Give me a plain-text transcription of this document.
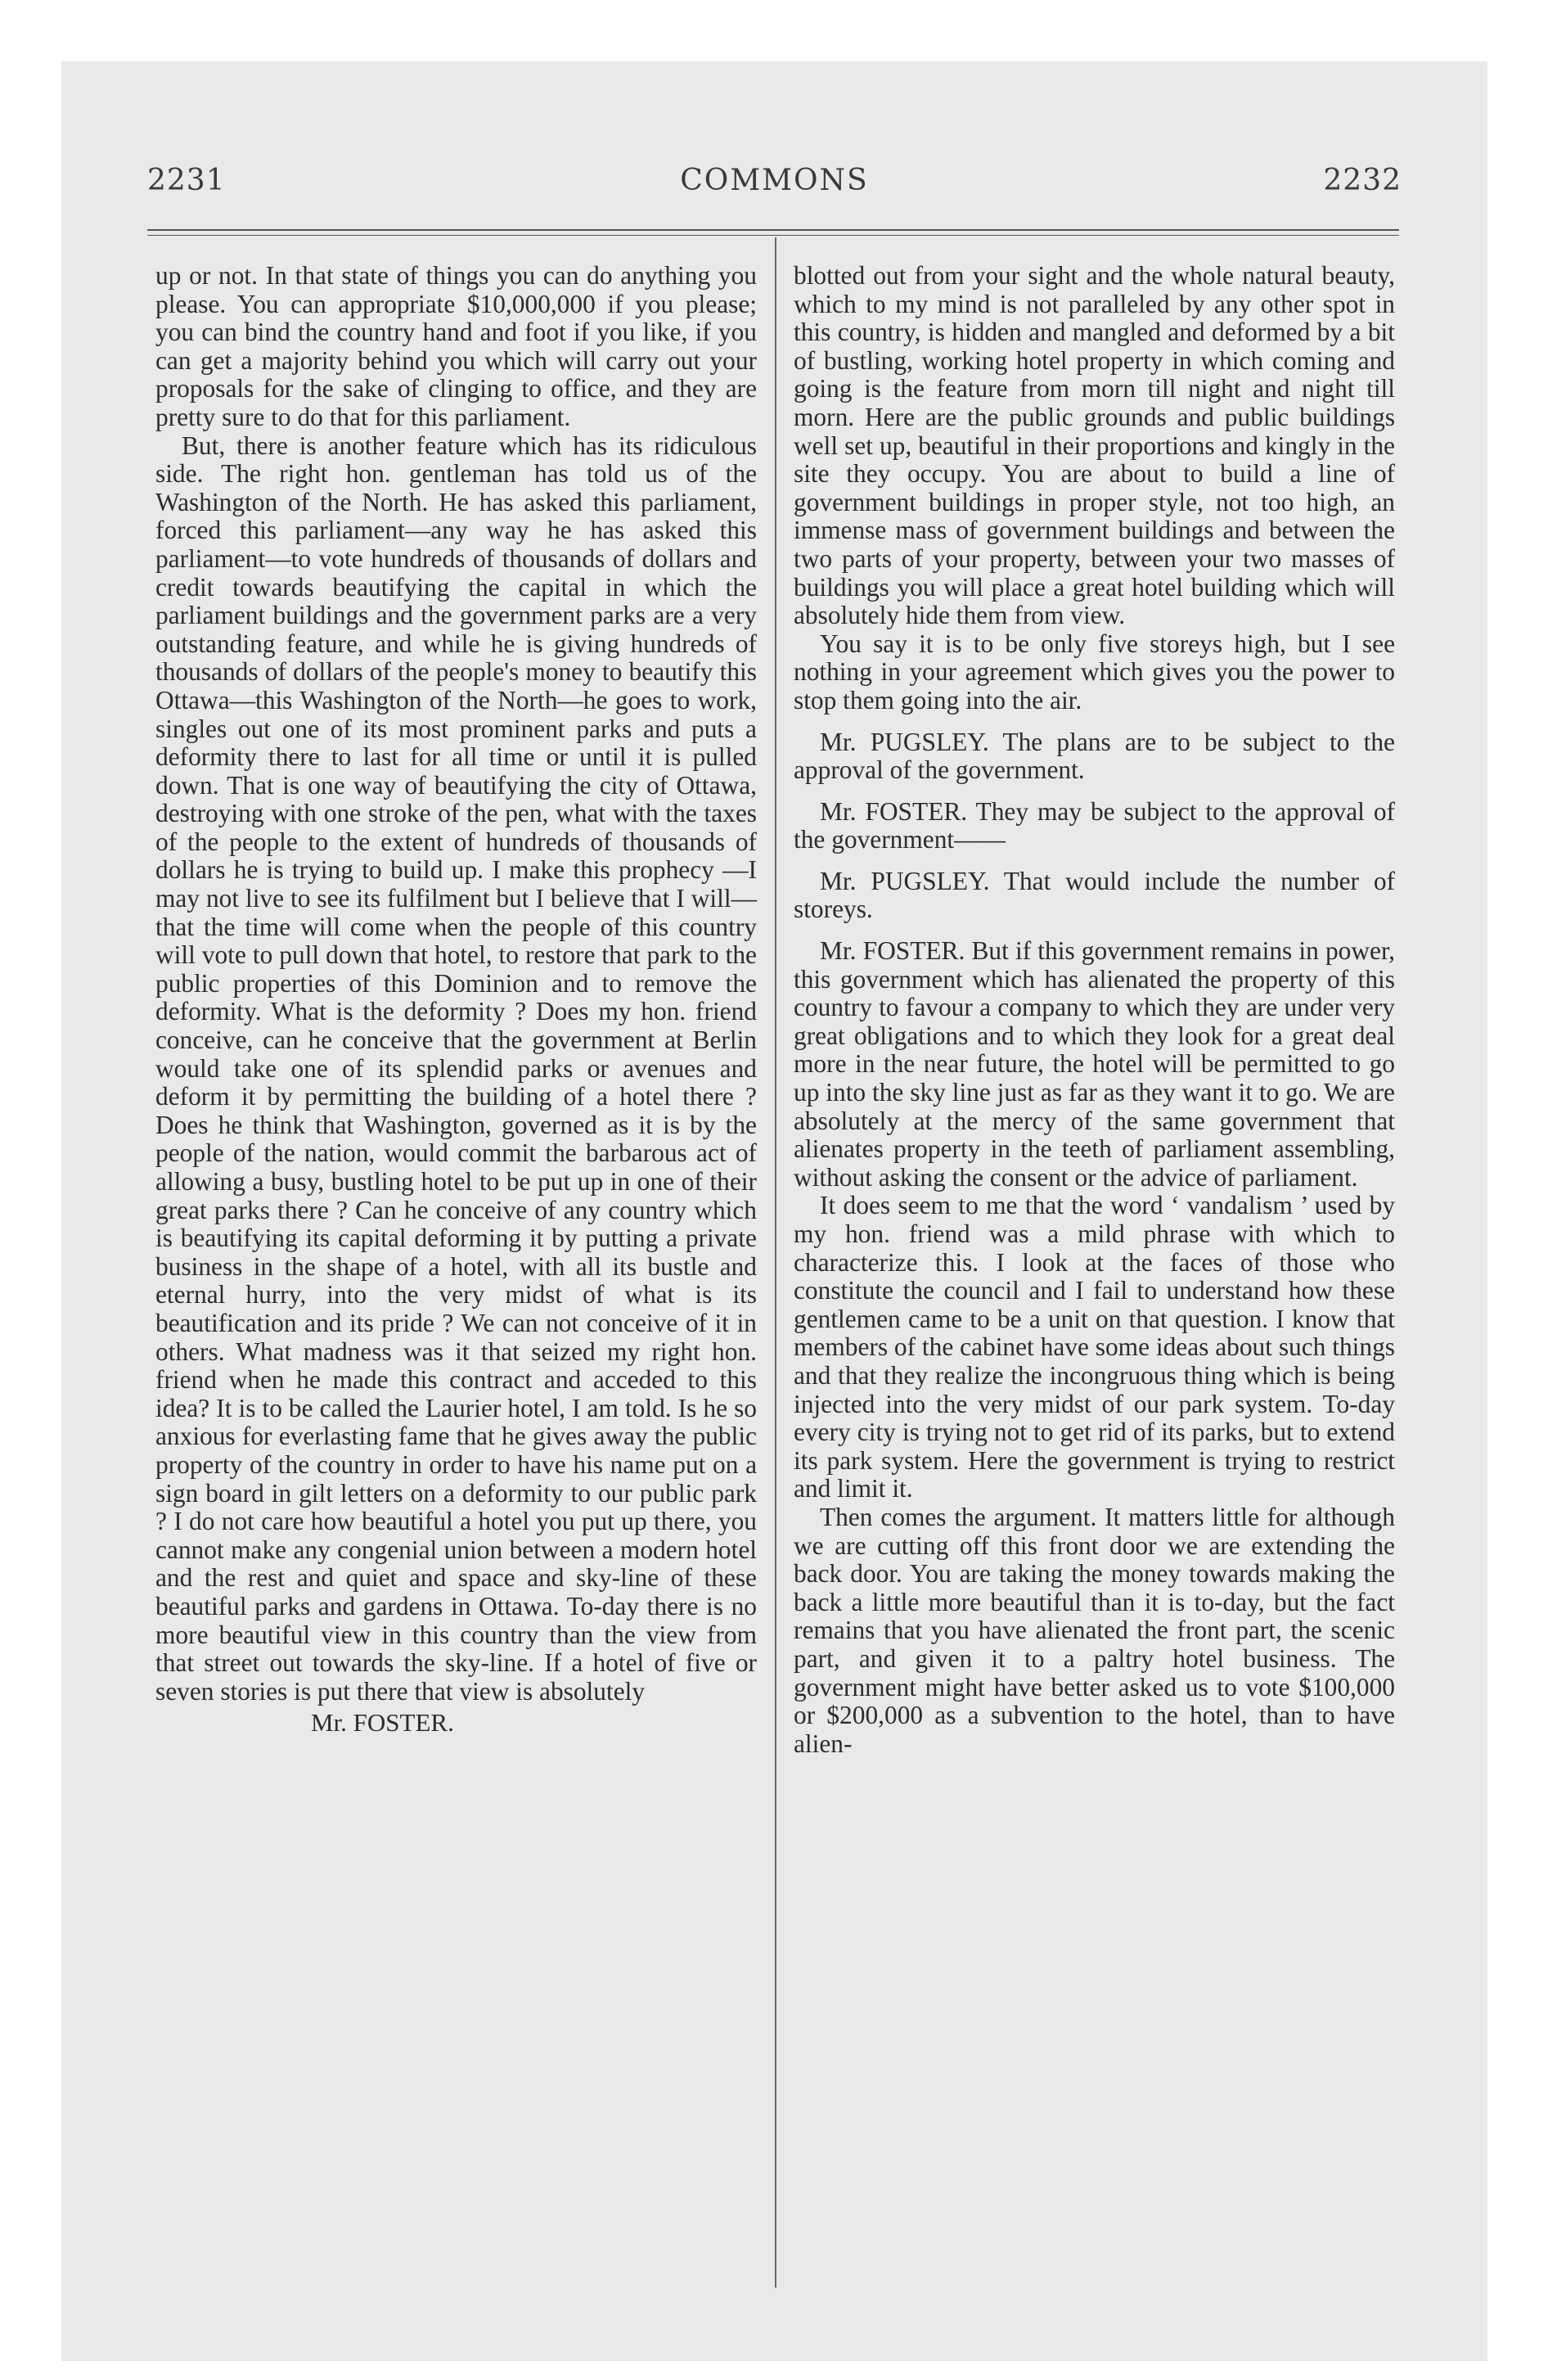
2231	COMMONS	2232

up or not. In that state of things you can do anything you please. You can appropriate $10,000,000 if you please; you can bind the country hand and foot if you like, if you can get a majority behind you which will carry out your proposals for the sake of clinging to office, and they are pretty sure to do that for this parliament.

But, there is another feature which has its ridiculous side. The right hon. gentleman has told us of the Washington of the North. He has asked this parliament, forced this parliament—any way he has asked this parliament—to vote hundreds of thousands of dollars and credit towards beautifying the capital in which the parliament buildings and the government parks are a very outstanding feature, and while he is giving hundreds of thousands of dollars of the people's money to beautify this Ottawa—this Washington of the North—he goes to work, singles out one of its most prominent parks and puts a deformity there to last for all time or until it is pulled down. That is one way of beautifying the city of Ottawa, destroying with one stroke of the pen, what with the taxes of the people to the extent of hundreds of thousands of dollars he is trying to build up. I make this prophecy —I may not live to see its fulfilment but I believe that I will—that the time will come when the people of this country will vote to pull down that hotel, to restore that park to the public properties of this Dominion and to remove the deformity. What is the deformity ? Does my hon. friend conceive, can he conceive that the government at Berlin would take one of its splendid parks or avenues and deform it by permitting the building of a hotel there ? Does he think that Washington, governed as it is by the people of the nation, would commit the barbarous act of allowing a busy, bustling hotel to be put up in one of their great parks there ? Can he conceive of any country which is beautifying its capital deforming it by putting a private business in the shape of a hotel, with all its bustle and eternal hurry, into the very midst of what is its beautification and its pride ? We can not conceive of it in others. What madness was it that seized my right hon. friend when he made this contract and acceded to this idea? It is to be called the Laurier hotel, I am told. Is he so anxious for everlasting fame that he gives away the public property of the country in order to have his name put on a sign board in gilt letters on a deformity to our public park ? I do not care how beautiful a hotel you put up there, you cannot make any congenial union between a modern hotel and the rest and quiet and space and sky-line of these beautiful parks and gardens in Ottawa. To-day there is no more beautiful view in this country than the view from that street out towards the sky-line. If a hotel of five or seven stories is put there that view is absolutely

Mr. FOSTER.

blotted out from your sight and the whole natural beauty, which to my mind is not paralleled by any other spot in this country, is hidden and mangled and deformed by a bit of bustling, working hotel property in which coming and going is the feature from morn till night and night till morn. Here are the public grounds and public buildings well set up, beautiful in their proportions and kingly in the site they occupy. You are about to build a line of government buildings in proper style, not too high, an immense mass of government buildings and between the two parts of your property, between your two masses of buildings you will place a great hotel building which will absolutely hide them from view.

You say it is to be only five storeys high, but I see nothing in your agreement which gives you the power to stop them going into the air.

Mr. PUGSLEY. The plans are to be subject to the approval of the government.

Mr. FOSTER. They may be subject to the approval of the government——

Mr. PUGSLEY. That would include the number of storeys.

Mr. FOSTER. But if this government remains in power, this government which has alienated the property of this country to favour a company to which they are under very great obligations and to which they look for a great deal more in the near future, the hotel will be permitted to go up into the sky line just as far as they want it to go. We are absolutely at the mercy of the same government that alienates property in the teeth of parliament assembling, without asking the consent or the advice of parliament.

It does seem to me that the word ‘ vandalism ’ used by my hon. friend was a mild phrase with which to characterize this. I look at the faces of those who constitute the council and I fail to understand how these gentlemen came to be a unit on that question. I know that members of the cabinet have some ideas about such things and that they realize the incongruous thing which is being injected into the very midst of our park system. To-day every city is trying not to get rid of its parks, but to extend its park system. Here the government is trying to restrict and limit it.

Then comes the argument. It matters little for although we are cutting off this front door we are extending the back door. You are taking the money towards making the back a little more beautiful than it is to-day, but the fact remains that you have alienated the front part, the scenic part, and given it to a paltry hotel business. The government might have better asked us to vote $100,000 or $200,000 as a subvention to the hotel, than to have alien-
